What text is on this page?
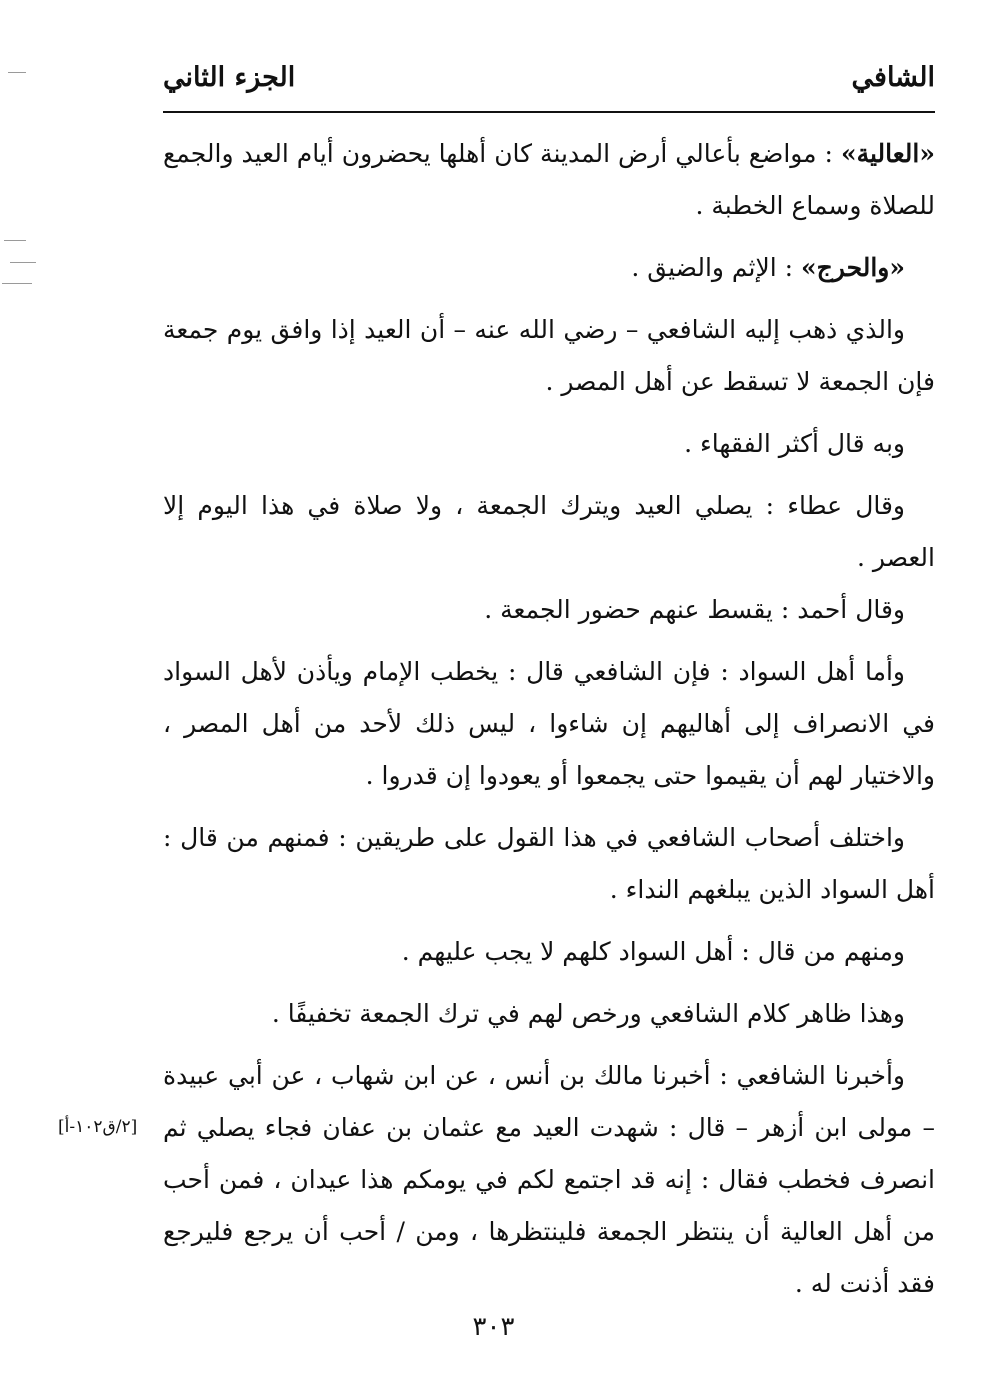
الشافي
الجزء الثاني

«العالية» : مواضع بأعالي أرض المدينة كان أهلها يحضرون أيام العيد والجمع للصلاة وسماع الخطبة .

«والحرج» : الإثم والضيق .

والذي ذهب إليه الشافعي – رضي الله عنه – أن العيد إذا وافق يوم جمعة فإن الجمعة لا تسقط عن أهل المصر .

وبه قال أكثر الفقهاء .

وقال عطاء : يصلي العيد ويترك الجمعة ، ولا صلاة في هذا اليوم إلا العصر .

وقال أحمد : يقسط عنهم حضور الجمعة .

وأما أهل السواد : فإن الشافعي قال : يخطب الإمام ويأذن لأهل السواد في الانصراف إلى أهاليهم إن شاءوا ، ليس ذلك لأحد من أهل المصر ، والاختيار لهم أن يقيموا حتى يجمعوا أو يعودوا إن قدروا .

واختلف أصحاب الشافعي في هذا القول على طريقين : فمنهم من قال : أهل السواد الذين يبلغهم النداء .

ومنهم من قال : أهل السواد كلهم لا يجب عليهم .

وهذا ظاهر كلام الشافعي ورخص لهم في ترك الجمعة تخفيفًا .

وأخبرنا الشافعي : أخبرنا مالك بن أنس ، عن ابن شهاب ، عن أبي عبيدة – مولى ابن أزهر – قال : شهدت العيد مع عثمان بن عفان فجاء يصلي ثم انصرف فخطب فقال : إنه قد اجتمع لكم في يومكم هذا عيدان ، فمن أحب من أهل العالية أن ينتظر الجمعة فلينتظرها ، ومن / أحب أن يرجع فليرجع فقد أذنت له .

[٢/ق١٠٢-أ]
٣٠٣
